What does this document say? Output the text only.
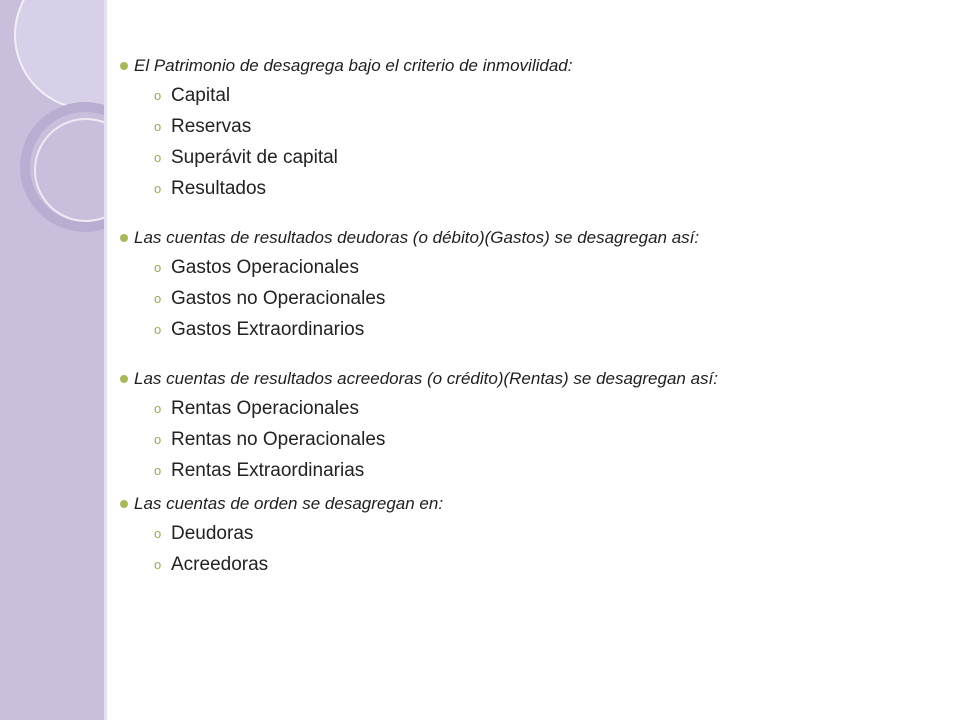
El Patrimonio de desagrega bajo el criterio de inmovilidad:
o Capital
o Reservas
o Superávit de capital
o Resultados
Las cuentas de resultados deudoras (o débito)(Gastos) se desagregan así:
o Gastos Operacionales
o Gastos no Operacionales
o Gastos Extraordinarios
Las cuentas de resultados acreedoras (o crédito)(Rentas) se desagregan así:
o Rentas Operacionales
o Rentas no Operacionales
o Rentas Extraordinarias
Las cuentas de orden se desagregan en:
o Deudoras
o Acreedoras
